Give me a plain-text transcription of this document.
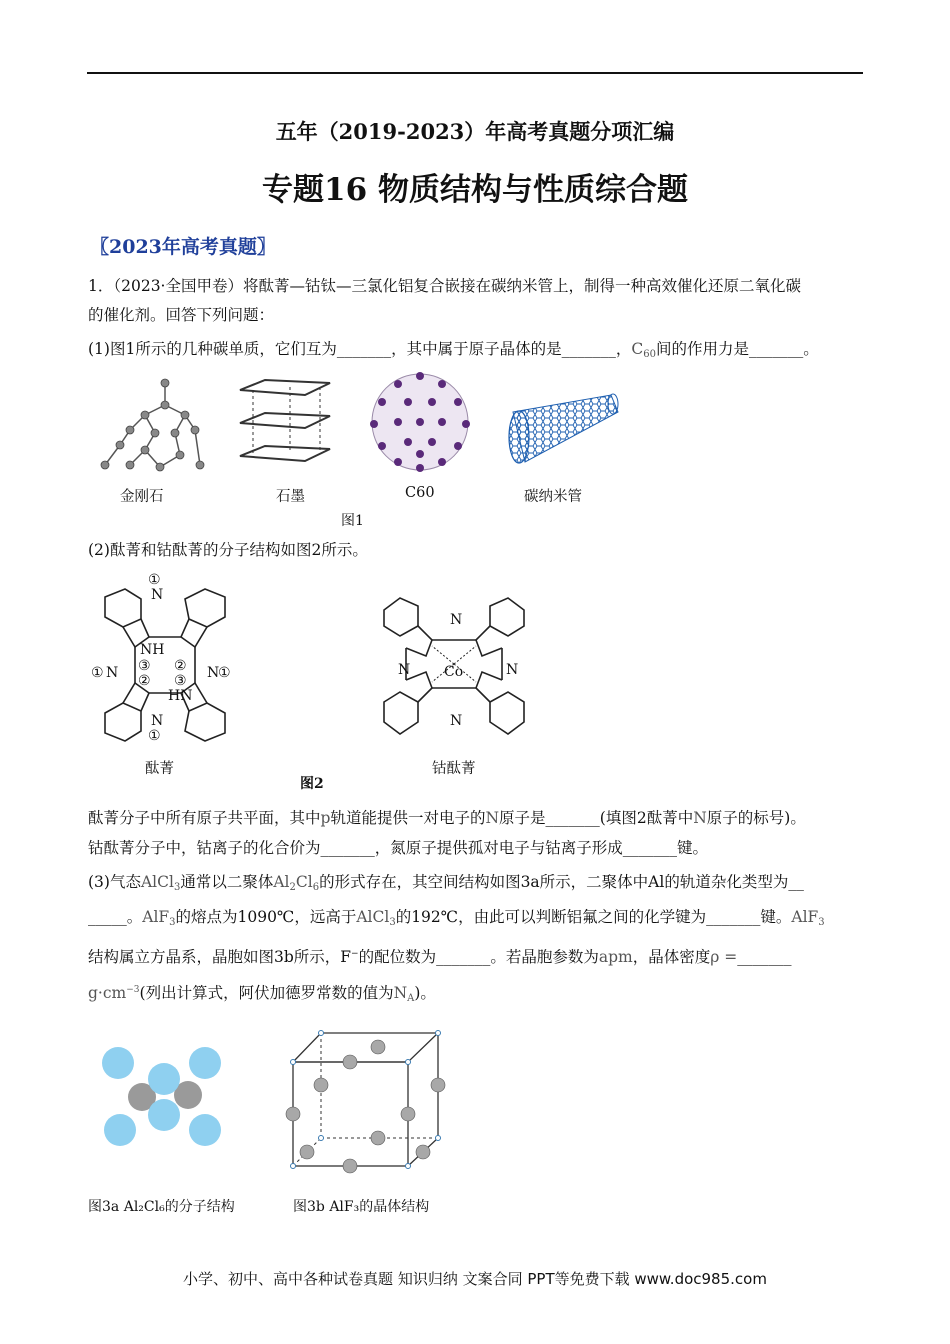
五年（2019-2023）年高考真题分项汇编
专题16 物质结构与性质综合题
〖2023年高考真题〗
1．（2023·全国甲卷）将酞菁—钴钛—三氯化铝复合嵌接在碳纳米管上，制得一种高效催化还原二氧化碳
的催化剂。回答下列问题：
(1)图1所示的几种碳单质，它们互为_______，其中属于原子晶体的是_______，$C_{60}$间的作用力是_______。
金刚石	石墨	C60	碳纳米管
图1
(2)酞菁和钴酞菁的分子结构如图2所示。
①
N
NH
① N ③ ②
② ③ ①
N
HN
N
①
酞菁
N
N Co	N
N
钴酞菁
图2
酞菁分子中所有原子共平面，其中p轨道能提供一对电子的N原子是_______(填图2酞菁中N原子的标号)。
钴酞菁分子中，钴离子的化合价为_______，氮原子提供孤对电子与钴离子形成_______键。
(3)气态AlCl$_3$通常以二聚体$Al_2Cl_6$的形式存在，其空间结构如图3a所示，二聚体中Al的轨道杂化类型为__
_____。AlF$_3$的熔点为1090℃，远高于AlCl$_3$的192℃，由此可以判断铝氟之间的化学键为_______键。AlF$_3$
结构属立方晶系，晶胞如图3b所示，F−的配位数为_______。若晶胞参数为apm，晶体密度ρ =_______
$g\cdot cm^{-3}$(列出计算式，阿伏加德罗常数的值为$N_A$)。
图3a Al₂Cl₆的分子结构	图3b AlF₃的晶体结构
小学、初中、高中各种试卷真题 知识归纳 文案合同 PPT等免费下载 www.doc985.com
